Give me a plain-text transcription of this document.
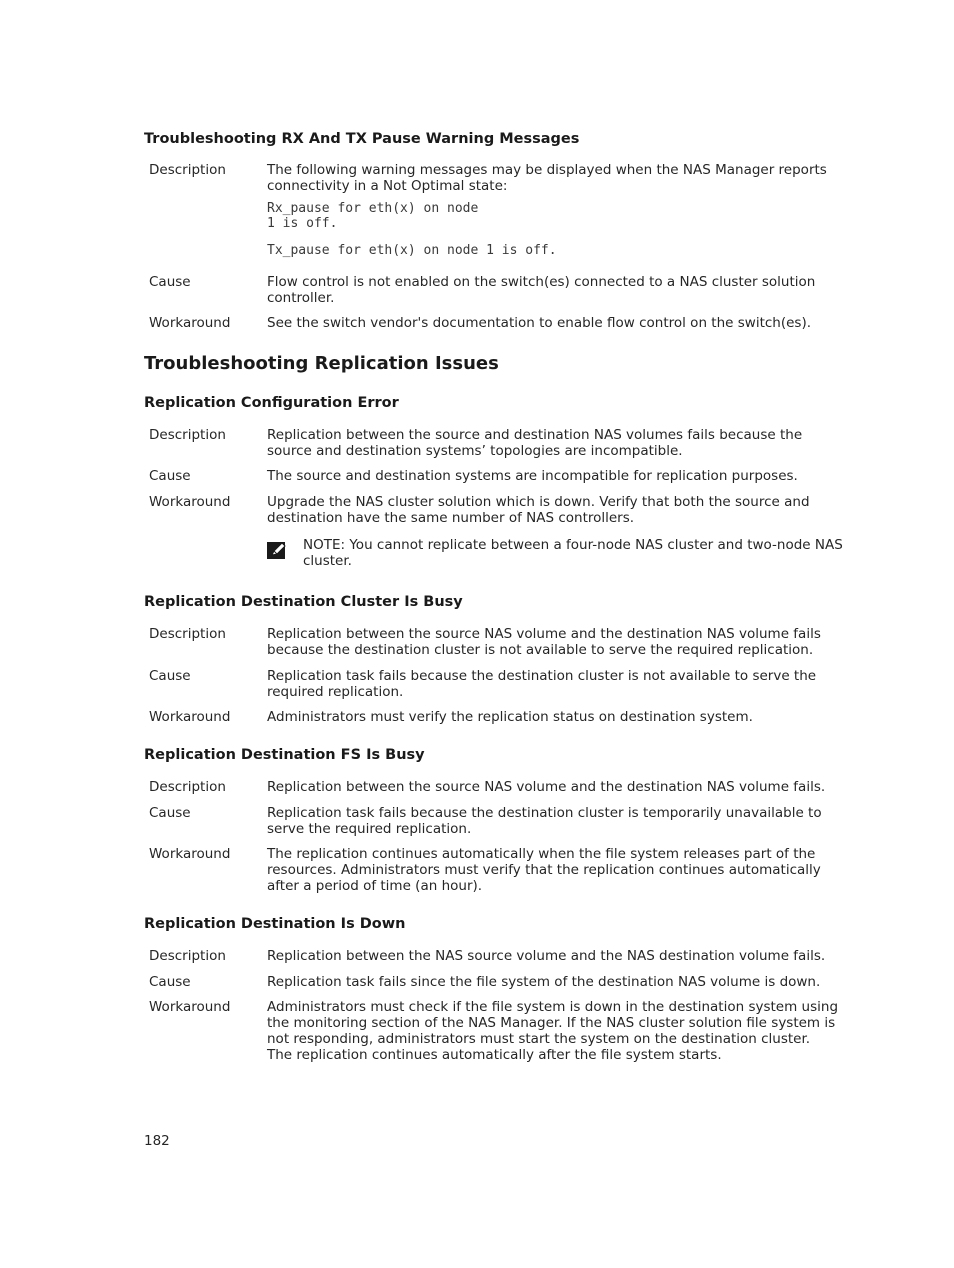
Troubleshooting RX And TX Pause Warning Messages
Description	The following warning messages may be displayed when the NAS Manager reports connectivity in a Not Optimal state:
Rx_pause for eth(x) on node
1 is off.
Tx_pause for eth(x) on node 1 is off.
Cause	Flow control is not enabled on the switch(es) connected to a NAS cluster solution controller.
Workaround	See the switch vendor's documentation to enable flow control on the switch(es).
Troubleshooting Replication Issues
Replication Configuration Error
Description	Replication between the source and destination NAS volumes fails because the source and destination systems’ topologies are incompatible.
Cause	The source and destination systems are incompatible for replication purposes.
Workaround	Upgrade the NAS cluster solution which is down. Verify that both the source and destination have the same number of NAS controllers.
NOTE: You cannot replicate between a four-node NAS cluster and two-node NAS cluster.
Replication Destination Cluster Is Busy
Description	Replication between the source NAS volume and the destination NAS volume fails because the destination cluster is not available to serve the required replication.
Cause	Replication task fails because the destination cluster is not available to serve the required replication.
Workaround	Administrators must verify the replication status on destination system.
Replication Destination FS Is Busy
Description	Replication between the source NAS volume and the destination NAS volume fails.
Cause	Replication task fails because the destination cluster is temporarily unavailable to serve the required replication.
Workaround	The replication continues automatically when the file system releases part of the resources. Administrators must verify that the replication continues automatically after a period of time (an hour).
Replication Destination Is Down
Description	Replication between the NAS source volume and the NAS destination volume fails.
Cause	Replication task fails since the file system of the destination NAS volume is down.
Workaround	Administrators must check if the file system is down in the destination system using the monitoring section of the NAS Manager. If the NAS cluster solution file system is not responding, administrators must start the system on the destination cluster. The replication continues automatically after the file system starts.
182
